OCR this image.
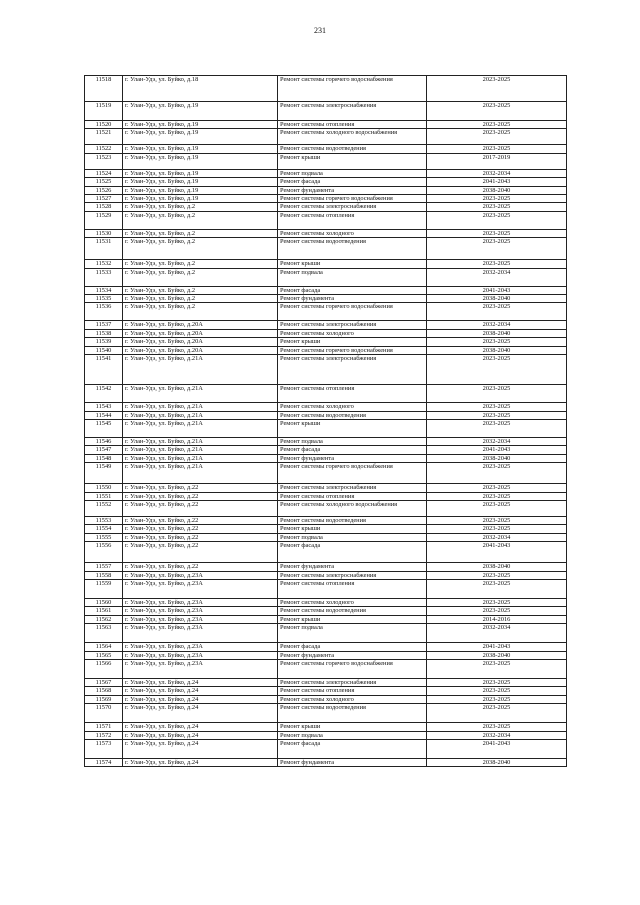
231
11518	г. Улан-Удэ, ул. Буйко, д.18	Ремонт системы горячего водоснабжения	2023-2025
11519	г. Улан-Удэ, ул. Буйко, д.19	Ремонт системы электроснабжения	2023-2025
11520	г. Улан-Удэ, ул. Буйко, д.19	Ремонт системы отопления	2023-2025
11521	г. Улан-Удэ, ул. Буйко, д.19	Ремонт системы холодного водоснабжения	2023-2025
11522	г. Улан-Удэ, ул. Буйко, д.19	Ремонт системы водоотведения	2023-2025
11523	г. Улан-Удэ, ул. Буйко, д.19	Ремонт крыши	2017-2019
11524	г. Улан-Удэ, ул. Буйко, д.19	Ремонт подвала	2032-2034
11525	г. Улан-Удэ, ул. Буйко, д.19	Ремонт фасада	2041-2043
11526	г. Улан-Удэ, ул. Буйко, д.19	Ремонт фундамента	2038-2040
11527	г. Улан-Удэ, ул. Буйко, д.19	Ремонт системы горячего водоснабжения	2023-2025
11528	г. Улан-Удэ, ул. Буйко, д.2	Ремонт системы электроснабжения	2023-2025
11529	г. Улан-Удэ, ул. Буйко, д.2	Ремонт системы отопления	2023-2025
11530	г. Улан-Удэ, ул. Буйко, д.2	Ремонт системы холодного	2023-2025
11531	г. Улан-Удэ, ул. Буйко, д.2	Ремонт системы водоотведения	2023-2025
11532	г. Улан-Удэ, ул. Буйко, д.2	Ремонт крыши	2023-2025
11533	г. Улан-Удэ, ул. Буйко, д.2	Ремонт подвала	2032-2034
11534	г. Улан-Удэ, ул. Буйко, д.2	Ремонт фасада	2041-2043
11535	г. Улан-Удэ, ул. Буйко, д.2	Ремонт фундамента	2038-2040
11536	г. Улан-Удэ, ул. Буйко, д.2	Ремонт системы горячего водоснабжения	2023-2025
11537	г. Улан-Удэ, ул. Буйко, д.20А	Ремонт системы электроснабжения	2032-2034
11538	г. Улан-Удэ, ул. Буйко, д.20А	Ремонт системы холодного	2038-2040
11539	г. Улан-Удэ, ул. Буйко, д.20А	Ремонт крыши	2023-2025
11540	г. Улан-Удэ, ул. Буйко, д.20А	Ремонт системы горячего водоснабжения	2038-2040
11541	г. Улан-Удэ, ул. Буйко, д.21А	Ремонт системы электроснабжения	2023-2025
11542	г. Улан-Удэ, ул. Буйко, д.21А	Ремонт системы отопления	2023-2025
11543	г. Улан-Удэ, ул. Буйко, д.21А	Ремонт системы холодного	2023-2025
11544	г. Улан-Удэ, ул. Буйко, д.21А	Ремонт системы водоотведения	2023-2025
11545	г. Улан-Удэ, ул. Буйко, д.21А	Ремонт крыши	2023-2025
11546	г. Улан-Удэ, ул. Буйко, д.21А	Ремонт подвала	2032-2034
11547	г. Улан-Удэ, ул. Буйко, д.21А	Ремонт фасада	2041-2043
11548	г. Улан-Удэ, ул. Буйко, д.21А	Ремонт фундамента	2038-2040
11549	г. Улан-Удэ, ул. Буйко, д.21А	Ремонт системы горячего водоснабжения	2023-2025
11550	г. Улан-Удэ, ул. Буйко, д.22	Ремонт системы электроснабжения	2023-2025
11551	г. Улан-Удэ, ул. Буйко, д.22	Ремонт системы отопления	2023-2025
11552	г. Улан-Удэ, ул. Буйко, д.22	Ремонт системы холодного водоснабжения	2023-2025
11553	г. Улан-Удэ, ул. Буйко, д.22	Ремонт системы водоотведения	2023-2025
11554	г. Улан-Удэ, ул. Буйко, д.22	Ремонт крыши	2023-2025
11555	г. Улан-Удэ, ул. Буйко, д.22	Ремонт подвала	2032-2034
11556	г. Улан-Удэ, ул. Буйко, д.22	Ремонт фасада	2041-2043
11557	г. Улан-Удэ, ул. Буйко, д.22	Ремонт фундамента	2038-2040
11558	г. Улан-Удэ, ул. Буйко, д.23А	Ремонт системы электроснабжения	2023-2025
11559	г. Улан-Удэ, ул. Буйко, д.23А	Ремонт системы отопления	2023-2025
11560	г. Улан-Удэ, ул. Буйко, д.23А	Ремонт системы холодного	2023-2025
11561	г. Улан-Удэ, ул. Буйко, д.23А	Ремонт системы водоотведения	2023-2025
11562	г. Улан-Удэ, ул. Буйко, д.23А	Ремонт крыши	2014-2016
11563	г. Улан-Удэ, ул. Буйко, д.23А	Ремонт подвала	2032-2034
11564	г. Улан-Удэ, ул. Буйко, д.23А	Ремонт фасада	2041-2043
11565	г. Улан-Удэ, ул. Буйко, д.23А	Ремонт фундамента	2038-2040
11566	г. Улан-Удэ, ул. Буйко, д.23А	Ремонт системы горячего водоснабжения	2023-2025
11567	г. Улан-Удэ, ул. Буйко, д.24	Ремонт системы электроснабжения	2023-2025
11568	г. Улан-Удэ, ул. Буйко, д.24	Ремонт системы отопления	2023-2025
11569	г. Улан-Удэ, ул. Буйко, д.24	Ремонт системы холодного	2023-2025
11570	г. Улан-Удэ, ул. Буйко, д.24	Ремонт системы водоотведения	2023-2025
11571	г. Улан-Удэ, ул. Буйко, д.24	Ремонт крыши	2023-2025
11572	г. Улан-Удэ, ул. Буйко, д.24	Ремонт подвала	2032-2034
11573	г. Улан-Удэ, ул. Буйко, д.24	Ремонт фасада	2041-2043
11574	г. Улан-Удэ, ул. Буйко, д.24	Ремонт фундамента	2038-2040
